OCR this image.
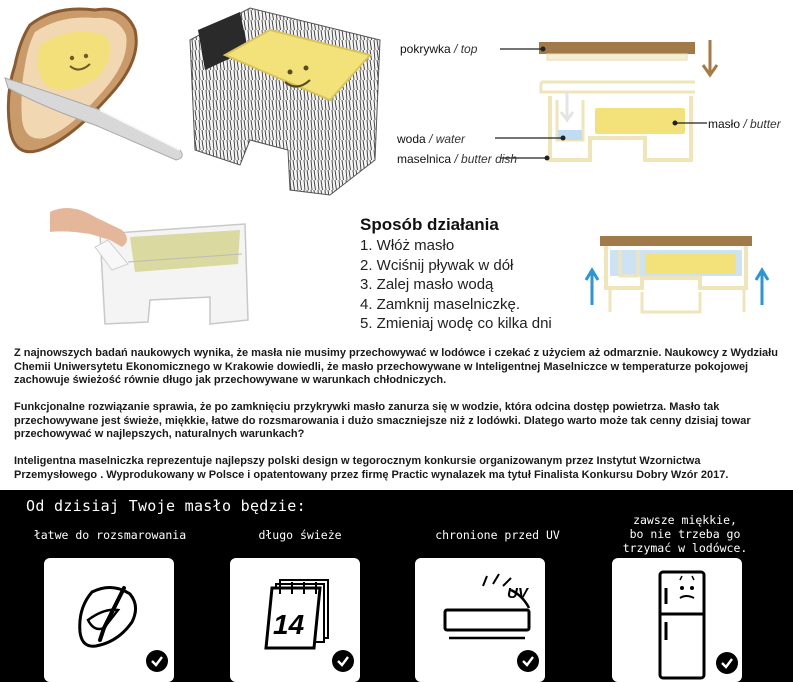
pokrywka / top
masło / butter
woda / water
maselnica / butter dish
Sposób działania
1. Włóż masło
2. Wciśnij pływak w dół
3. Zalej masło wodą
4. Zamknij maselniczkę.
5. Zmieniaj wodę co kilka dni

Z najnowszych badań naukowych wynika, że masła nie musimy przechowywać w lodówce i czekać z użyciem aż odmarznie. Naukowcy z Wydziału Chemii Uniwersytetu Ekonomicznego w Krakowie dowiedli, że masło przechowywane w Inteligentnej Maselniczce w temperaturze pokojowej zachowuje świeżość równie długo jak przechowywane w warunkach chłodniczych.

Funkcjonalne rozwiązanie sprawia, że po zamknięciu przykrywki masło zanurza się w wodzie, która odcina dostęp powietrza. Masło tak przechowywane jest świeże, miękkie, łatwe do rozsmarowania i dużo smaczniejsze niż z lodówki. Dlatego warto może tak cenny dzisiaj towar przechowywać w najlepszych, naturalnych warunkach?

Inteligentna maselniczka reprezentuje najlepszy polski design w tegorocznym konkursie organizowanym przez Instytut Wzornictwa Przemysłowego . Wyprodukowany w Polsce i opatentowany przez firmę Practic wynalazek ma tytuł Finalista Konkursu Dobry Wzór 2017.

Od dzisiaj Twoje masło będzie:
łatwe do rozsmarowania	długo świeże	chronione przed UV
zawsze miękkie,
bo nie trzeba go
trzymać w lodówce.
14
UV
